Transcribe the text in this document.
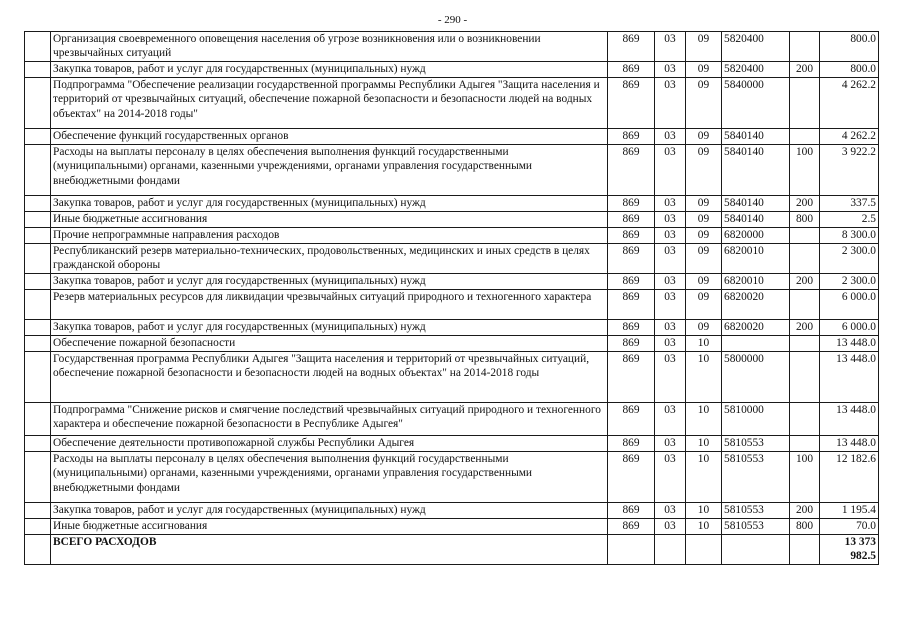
- 290 -
	Организация своевременного оповещения населения об угрозе возникновения или о возникновении чрезвычайных ситуаций	869	03	09	5820400		800.0
	Закупка товаров, работ и услуг для государственных (муниципальных) нужд	869	03	09	5820400	200	800.0
	Подпрограмма "Обеспечение реализации государственной программы Республики Адыгея "Защита населения и территорий от чрезвычайных ситуаций, обеспечение пожарной безопасности и безопасности людей на водных объектах" на 2014-2018 годы"	869	03	09	5840000		4 262.2
	Обеспечение функций государственных органов	869	03	09	5840140		4 262.2
	Расходы на выплаты персоналу в целях обеспечения выполнения функций государственными (муниципальными) органами, казенными учреждениями, органами управления государственными внебюджетными фондами	869	03	09	5840140	100	3 922.2
	Закупка товаров, работ и услуг для государственных (муниципальных) нужд	869	03	09	5840140	200	337.5
	Иные бюджетные ассигнования	869	03	09	5840140	800	2.5
	Прочие непрограммные направления расходов	869	03	09	6820000		8 300.0
	Республиканский резерв материально-технических, продовольственных, медицинских и иных средств в целях гражданской обороны	869	03	09	6820010		2 300.0
	Закупка товаров, работ и услуг для государственных (муниципальных) нужд	869	03	09	6820010	200	2 300.0
	Резерв материальных ресурсов для ликвидации чрезвычайных ситуаций природного и техногенного характера	869	03	09	6820020		6 000.0
	Закупка товаров, работ и услуг для государственных (муниципальных) нужд	869	03	09	6820020	200	6 000.0
	Обеспечение пожарной безопасности	869	03	10			13 448.0
	Государственная программа Республики Адыгея "Защита населения и территорий от чрезвычайных ситуаций, обеспечение пожарной безопасности и безопасности людей на водных объектах" на 2014-2018 годы	869	03	10	5800000		13 448.0
	Подпрограмма "Снижение рисков и смягчение последствий чрезвычайных ситуаций природного и техногенного характера и обеспечение пожарной безопасности в Республике Адыгея"	869	03	10	5810000		13 448.0
	Обеспечение деятельности противопожарной службы Республики Адыгея	869	03	10	5810553		13 448.0
	Расходы на выплаты персоналу в целях обеспечения выполнения функций государственными (муниципальными) органами, казенными учреждениями, органами управления государственными внебюджетными фондами	869	03	10	5810553	100	12 182.6
	Закупка товаров, работ и услуг для государственных (муниципальных) нужд	869	03	10	5810553	200	1 195.4
	Иные бюджетные ассигнования	869	03	10	5810553	800	70.0
	ВСЕГО РАСХОДОВ						13 373 982.5
